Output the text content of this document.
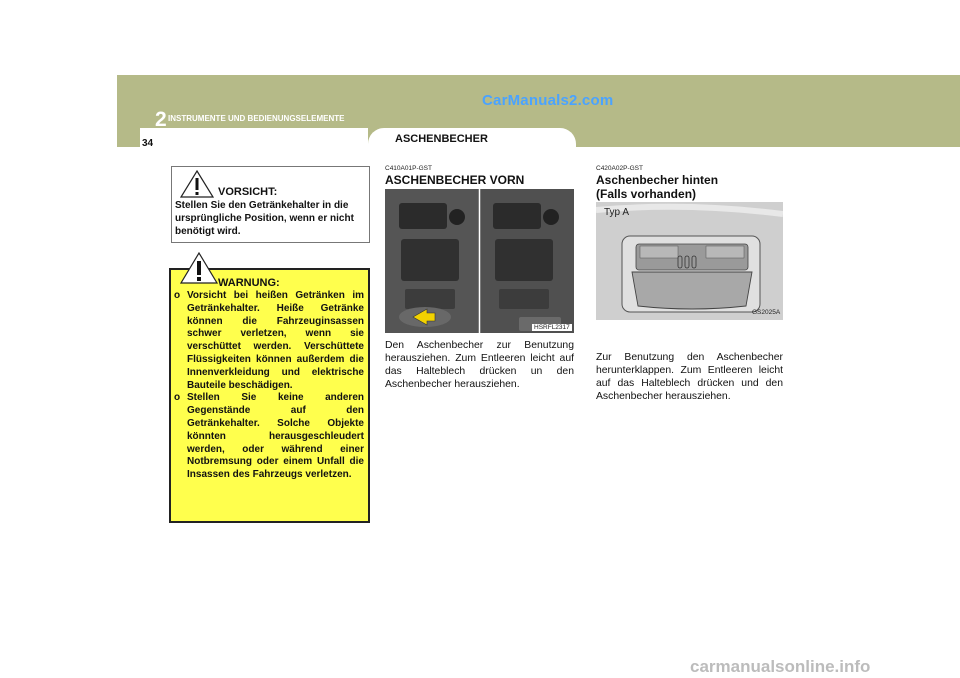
CarManuals2.com
2 INSTRUMENTE UND BEDIENUNGSELEMENTE
34	ASCHENBECHER
VORSICHT:
Stellen Sie den Getränkehalter in die ursprüngliche Position, wenn er nicht benötigt wird.
WARNUNG:
o Vorsicht bei heißen Getränken im Getränkehalter. Heiße Getränke können die Fahrzeuginsassen schwer verletzen, wenn sie verschüttet werden. Verschüttete Flüssigkeiten können außerdem die Innenverkleidung und elektrische Bauteile beschädigen.
o Stellen Sie keine anderen Gegenstände auf den Getränkehalter. Solche Objekte könnten herausgeschleudert werden, oder während einer Notbremsung oder einem Unfall die Insassen des Fahrzeugs verletzen.
C410A01P-GST
ASCHENBECHER VORN
HSRFL2317
Den Aschenbecher zur Benutzung herausziehen. Zum Entleeren leicht auf das Halteblech drücken un den Aschenbecher herausziehen.
C420A02P-GST
Aschenbecher hinten
(Falls vorhanden)
Typ A
GS2025A
Zur Benutzung den Aschenbecher herunterklappen. Zum Entleeren leicht auf das Halteblech drücken und den Aschenbecher herausziehen.
carmanualsonline.info
